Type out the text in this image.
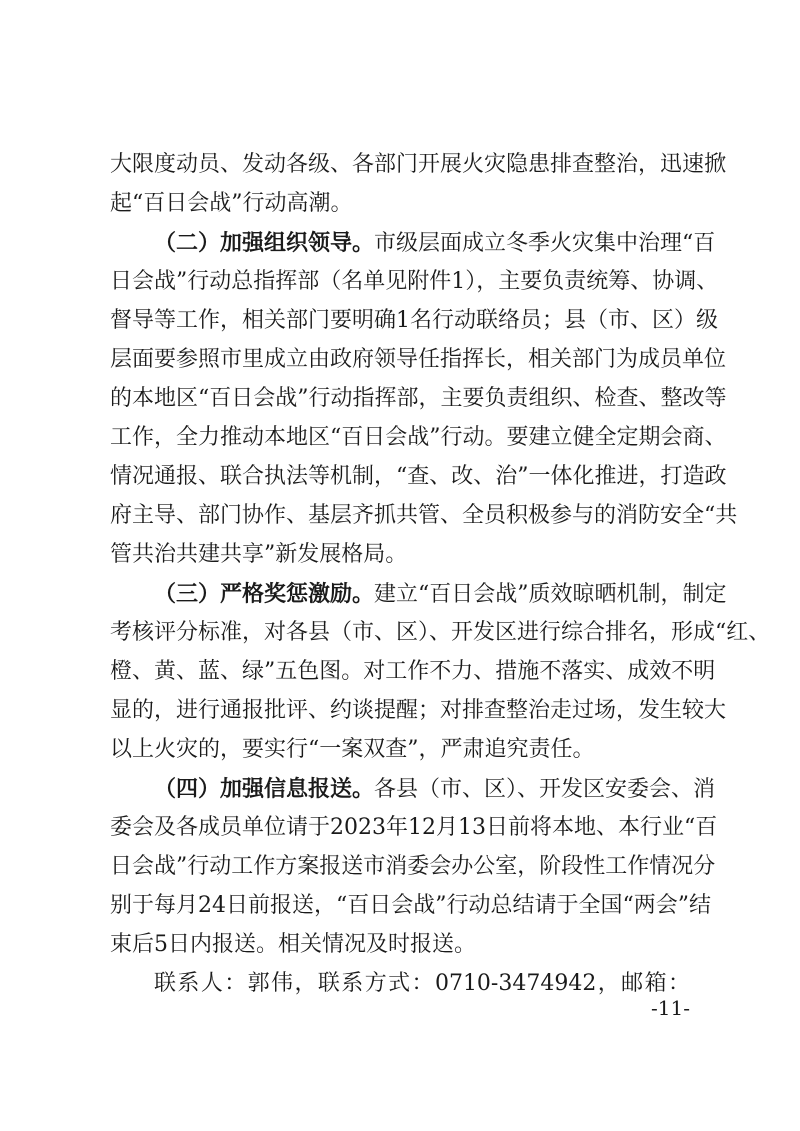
大限度动员、发动各级、各部门开展火灾隐患排查整治，迅速掀
起“百日会战”行动高潮。
（二）加强组织领导。市级层面成立冬季火灾集中治理“百
日会战”行动总指挥部（名单见附件1），主要负责统筹、协调、
督导等工作，相关部门要明确1名行动联络员；县（市、区）级
层面要参照市里成立由政府领导任指挥长，相关部门为成员单位
的本地区“百日会战”行动指挥部，主要负责组织、检查、整改等
工作，全力推动本地区“百日会战”行动。要建立健全定期会商、
情况通报、联合执法等机制，“查、改、治”一体化推进，打造政
府主导、部门协作、基层齐抓共管、全员积极参与的消防安全“共
管共治共建共享”新发展格局。
（三）严格奖惩激励。建立“百日会战”质效晾晒机制，制定
考核评分标准，对各县（市、区）、开发区进行综合排名，形成“红、
橙、黄、蓝、绿”五色图。对工作不力、措施不落实、成效不明
显的，进行通报批评、约谈提醒；对排查整治走过场，发生较大
以上火灾的，要实行“一案双查”，严肃追究责任。
（四）加强信息报送。各县（市、区）、开发区安委会、消
委会及各成员单位请于2023年12月13日前将本地、本行业“百
日会战”行动工作方案报送市消委会办公室，阶段性工作情况分
别于每月24日前报送，“百日会战”行动总结请于全国“两会”结
束后5日内报送。相关情况及时报送。
联系人：郭伟，联系方式：0710-3474942，邮箱：
-11-
